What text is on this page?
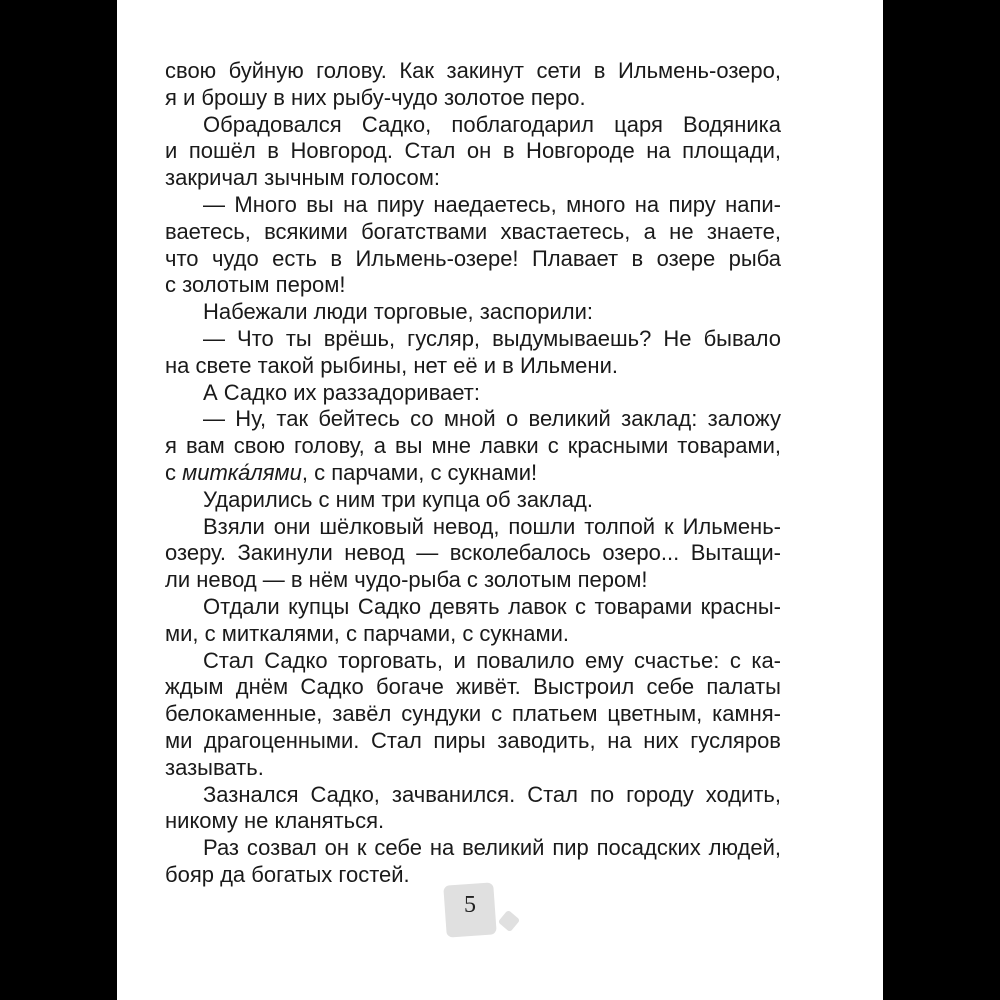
свою буйную голову. Как закинут сети в Ильмень-озеро,
я и брошу в них рыбу-чудо золотое перо.
Обрадовался Садко, поблагодарил царя Водяника
и пошёл в Новгород. Стал он в Новгороде на площади,
закричал зычным голосом:
— Много вы на пиру наедаетесь, много на пиру напи-
ваетесь, всякими богатствами хвастаетесь, а не знаете,
что чудо есть в Ильмень-озере! Плавает в озере рыба
с золотым пером!
Набежали люди торговые, заспорили:
— Что ты врёшь, гусляр, выдумываешь? Не бывало
на свете такой рыбины, нет её и в Ильмени.
А Садко их раззадоривает:
— Ну, так бейтесь со мной о великий заклад: заложу
я вам свою голову, а вы мне лавки с красными товарами,
с митка́лями, с парчами, с сукнами!
Ударились с ним три купца об заклад.
Взяли они шёлковый невод, пошли толпой к Ильмень-
озеру. Закинули невод — всколебалось озеро... Вытащи-
ли невод — в нём чудо-рыба с золотым пером!
Отдали купцы Садко девять лавок с товарами красны-
ми, с миткалями, с парчами, с сукнами.
Стал Садко торговать, и повалило ему счастье: с ка-
ждым днём Садко богаче живёт. Выстроил себе палаты
белокаменные, завёл сундуки с платьем цветным, камня-
ми драгоценными. Стал пиры заводить, на них гусляров
зазывать.
Зазнался Садко, зачванился. Стал по городу ходить,
никому не кланяться.
Раз созвал он к себе на великий пир посадских людей,
бояр да богатых гостей.
5
